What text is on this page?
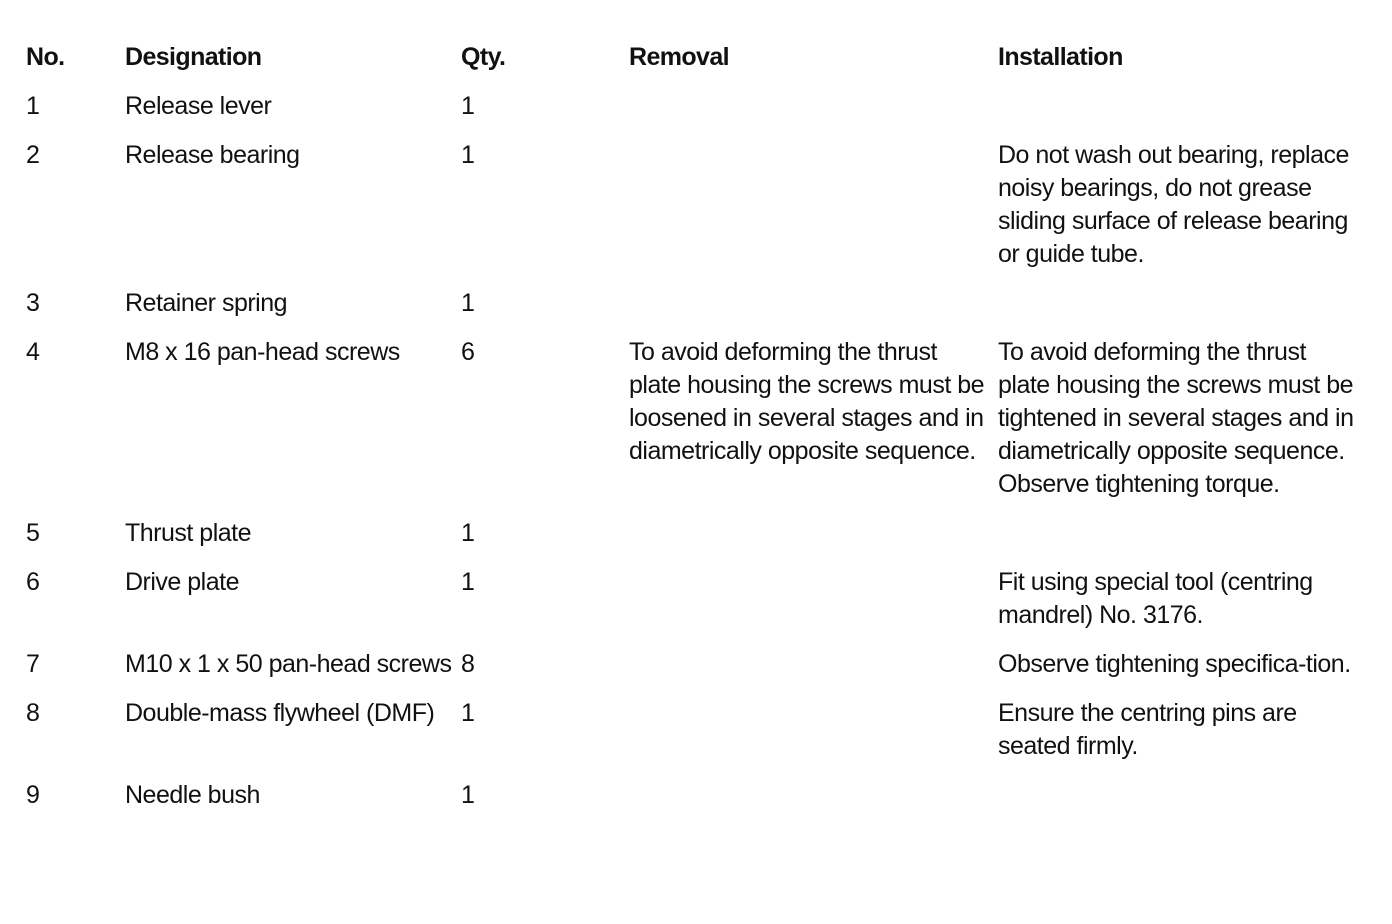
No.	Designation	Qty.	Removal	Installation
1	Release lever	1		
2	Release bearing	1		Do not wash out bearing, replace noisy bearings, do not grease sliding surface of release bearing or guide tube.
3	Retainer spring	1		
4	M8 x 16 pan-head screws	6	To avoid deforming the thrust plate housing the screws must be loosened in several stages and in diametrically opposite sequence.	To avoid deforming the thrust plate housing the screws must be tightened in several stages and in diametrically opposite sequence. Observe tightening torque.
5	Thrust plate	1		
6	Drive plate	1		Fit using special tool (centring mandrel) No. 3176.
7	M10 x 1 x 50 pan-head screws	8		Observe tightening specifica-tion.
8	Double-mass flywheel (DMF)	1		Ensure the centring pins are seated firmly.
9	Needle bush	1		
